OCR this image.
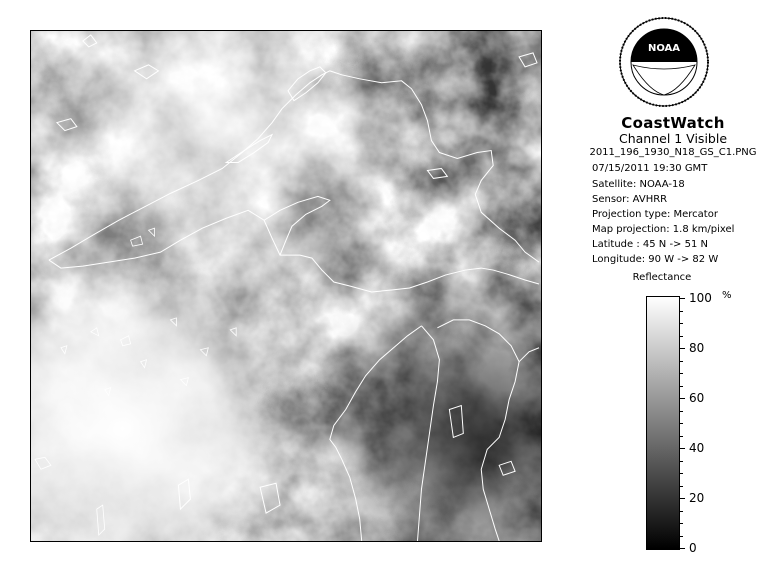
NOAA
CoastWatch
Channel 1 Visible
2011_196_1930_N18_GS_C1.PNG
07/15/2011 19:30 GMT
Satellite: NOAA-18
Sensor: AVHRR
Projection type: Mercator
Map projection: 1.8 km/pixel
Latitude : 45 N -> 51 N
Longitude: 90 W -> 82 W
Reflectance
%
100
80
60
40
20
0
